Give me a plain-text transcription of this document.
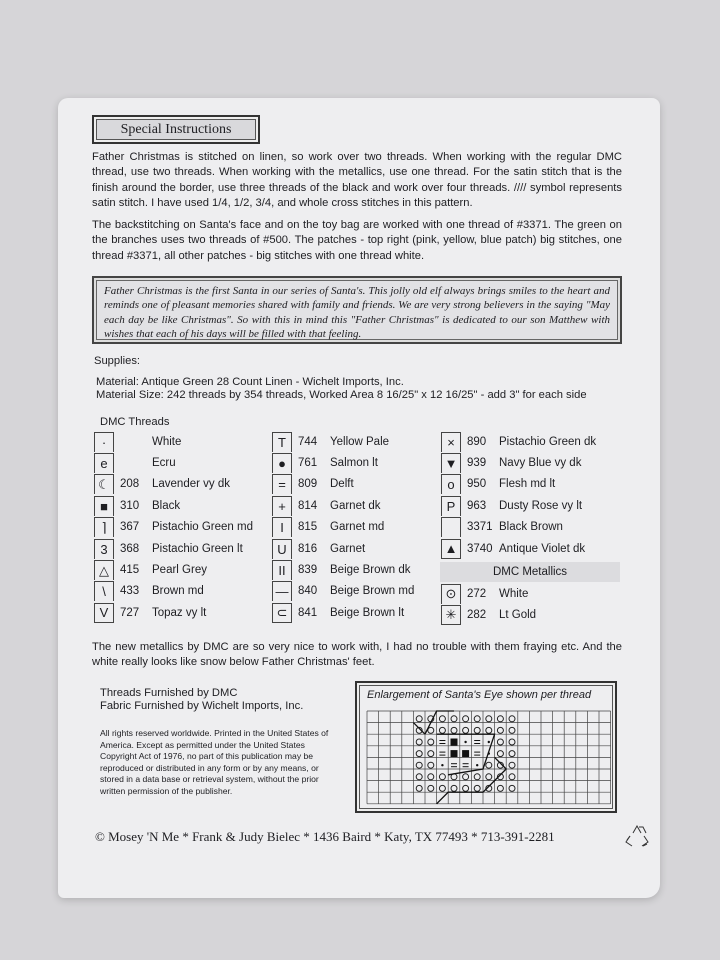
Special Instructions
Father Christmas is stitched on linen, so work over two threads. When working with the regular DMC thread, use two threads. When working with the metallics, use one thread. For the satin stitch that is the finish around the border, use three threads of the black and work over four threads. //// symbol represents satin stitch. I have used 1/4, 1/2, 3/4, and whole cross stitches in this pattern.
The backstitching on Santa's face and on the toy bag are worked with one thread of #3371. The green on the branches uses two threads of #500. The patches - top right (pink, yellow, blue patch) big stitches, one thread #3371, all other patches - big stitches with one thread white.
Father Christmas is the first Santa in our series of Santa's. This jolly old elf always brings smiles to the heart and reminds one of pleasant memories shared with family and friends. We are very strong believers in the saying "May each day be like Christmas". So with this in mind this "Father Christmas" is dedicated to our son Matthew with wishes that each of his days will be filled with that feeling.
Supplies:
Material: Antique Green 28 Count Linen - Wichelt Imports, Inc.
Material Size: 242 threads by 354 threads, Worked Area 8 16/25" x 12 16/25" - add 3" for each side
DMC Threads
·	White
e	Ecru
☾ 208	Lavender vy dk
■	310	Black
⌉	367	Pistachio Green md
3	368	Pistachio Green lt
△ 415	Pearl Grey
\	433	Brown md
V	727	Topaz vy lt
T	744	Yellow Pale
●	761	Salmon lt
=	809	Delft
+	814	Garnet dk
I	815	Garnet md
U 816	Garnet
II	839	Beige Brown dk
— 840	Beige Brown md
⊂ 841	Beige Brown lt
×	890	Pistachio Green dk
▼ 939	Navy Blue vy dk
o	950	Flesh md lt
P	963	Dusty Rose vy lt
3371 Black Brown
▲ 3740 Antique Violet dk
DMC Metallics
⊙ 272	White
✳ 282	Lt Gold
The new metallics by DMC are so very nice to work with, I had no trouble with them fraying etc. And the white really looks like snow below Father Christmas' feet.
Threads Furnished by DMC
Fabric Furnished by Wichelt Imports, Inc.
All rights reserved worldwide. Printed in the United States of America. Except as permitted under the United States Copyright Act of 1976, no part of this publication may be reproduced or distributed in any form or by any means, or stored in a data base or retrieval system, without the prior written permission of the publisher.
Enlargement of Santa's Eye shown per thread
© Mosey 'N Me * Frank & Judy Bielec * 1436 Baird * Katy, TX 77493 * 713-391-2281
